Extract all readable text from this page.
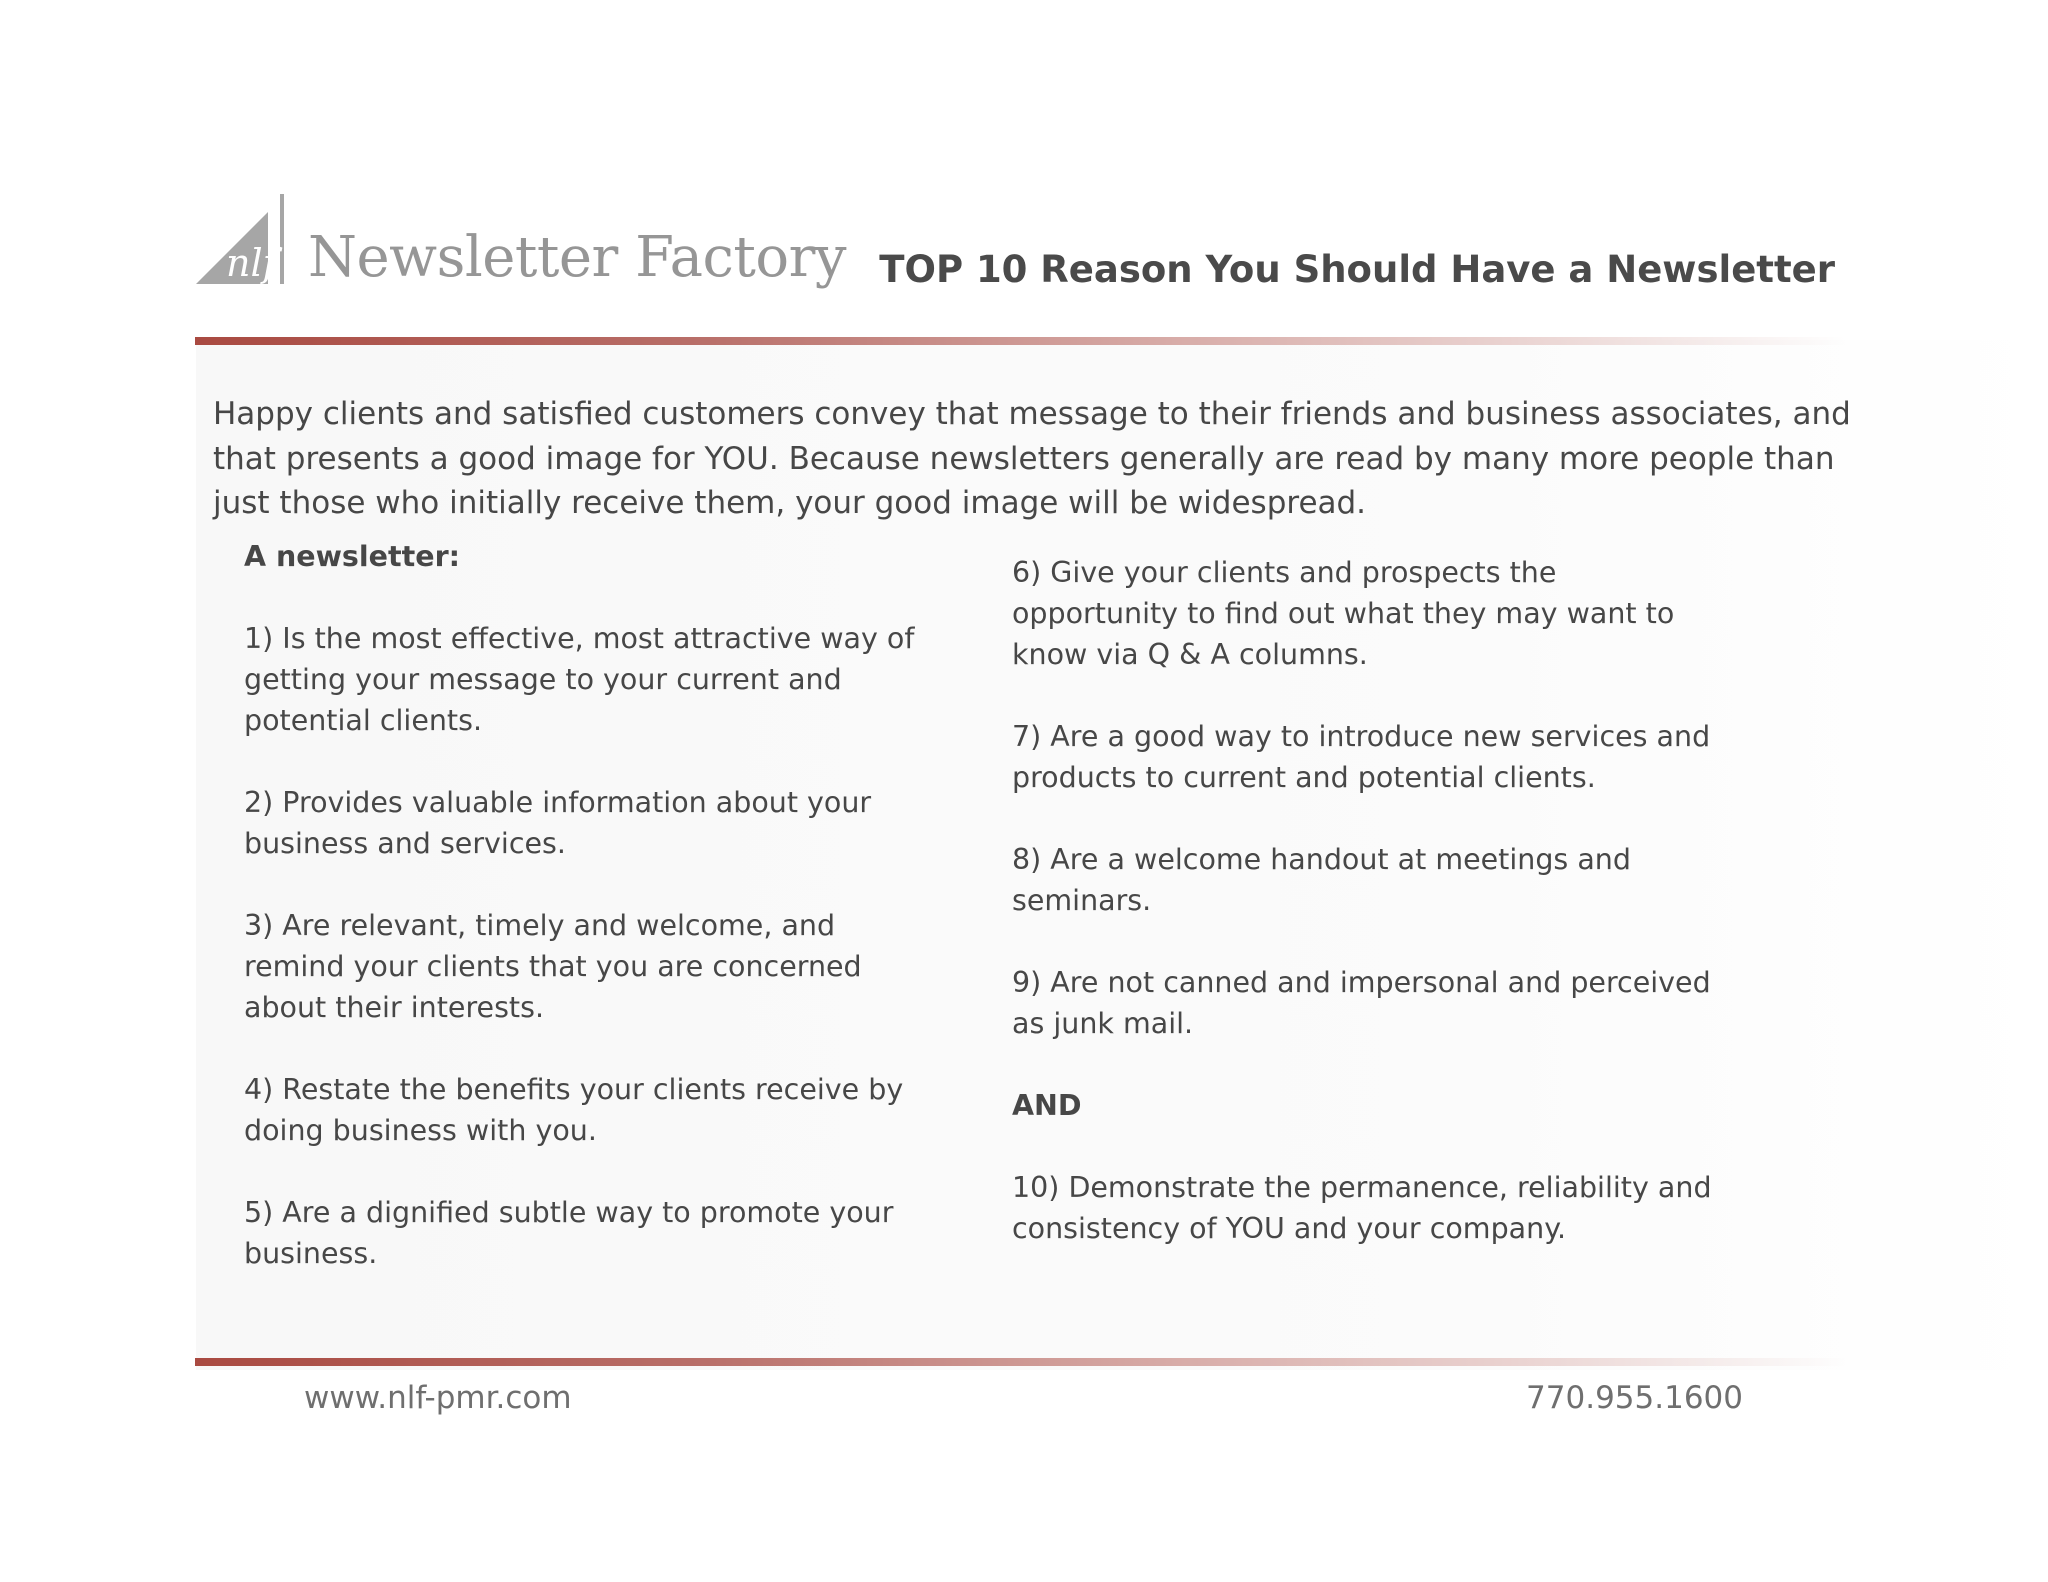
nlf Newsletter Factory TOP 10 Reason You Should Have a Newsletter
Happy clients and satisfied customers convey that message to their friends and business associates, and that presents a good image for YOU. Because newsletters generally are read by many more people than just those who initially receive them, your good image will be widespread.
A newsletter:
1) Is the most effective, most attractive way of getting your message to your current and potential clients.
2) Provides valuable information about your business and services.
3) Are relevant, timely and welcome, and remind your clients that you are concerned about their interests.
4) Restate the benefits your clients receive by doing business with you.
5) Are a dignified subtle way to promote your business.
6) Give your clients and prospects the opportunity to find out what they may want to know via Q & A columns.
7) Are a good way to introduce new services and products to current and potential clients.
8) Are a welcome handout at meetings and seminars.
9) Are not canned and impersonal and perceived as junk mail.
AND
10) Demonstrate the permanence, reliability and consistency of YOU and your company.
www.nlf-pmr.com	770.955.1600
